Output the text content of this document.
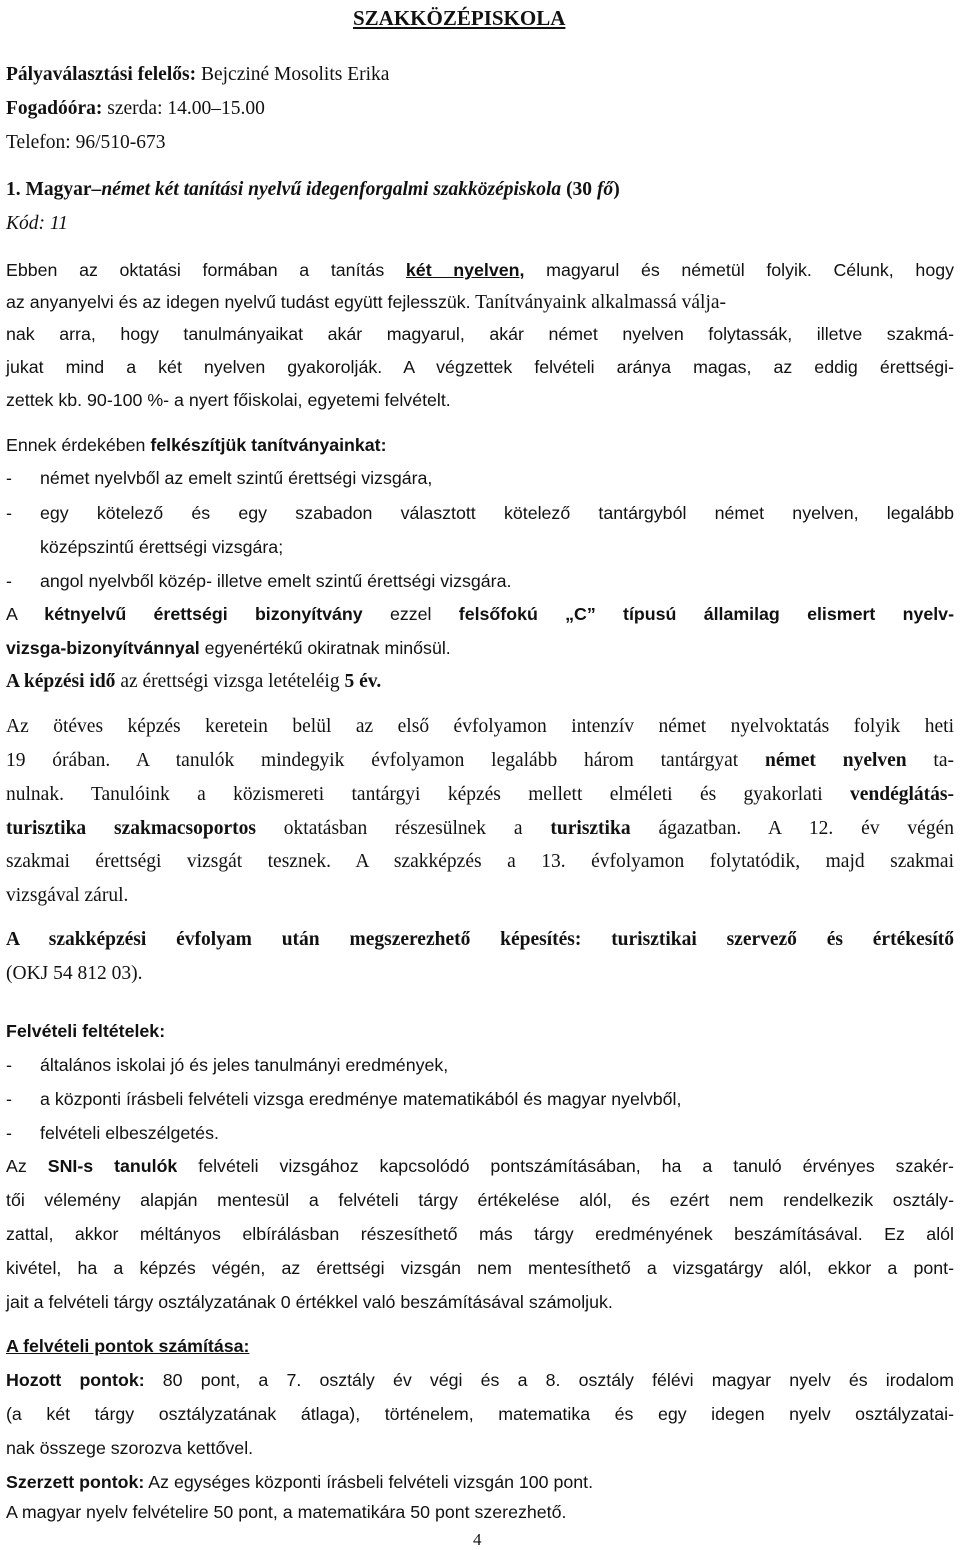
SZAKKÖZÉPISKOLA
Pályaválasztási felelős: Bejcziné Mosolits Erika
Fogadóóra: szerda: 14.00–15.00
Telefon: 96/510-673
1. Magyar–német két tanítási nyelvű idegenforgalmi szakközépiskola (30 fő)
Kód: 11
Ebben az oktatási formában a tanítás két nyelven, magyarul és németül folyik. Célunk, hogy
az anyanyelvi és az idegen nyelvű tudást együtt fejlesszük. Tanítványaink alkalmassá válja-
nak arra, hogy tanulmányaikat akár magyarul, akár német nyelven folytassák, illetve szakmá-
jukat mind a két nyelven gyakorolják. A végzettek felvételi aránya magas, az eddig érettségi-
zettek kb. 90-100 %- a nyert főiskolai, egyetemi felvételt.
Ennek érdekében felkészítjük tanítványainkat:
- német nyelvből az emelt szintű érettségi vizsgára,
- egy kötelező és egy szabadon választott kötelező tantárgyból német nyelven, legalább
középszintű érettségi vizsgára;
- angol nyelvből közép- illetve emelt szintű érettségi vizsgára.
A kétnyelvű érettségi bizonyítvány ezzel felsőfokú „C” típusú államilag elismert nyelv-
vizsga-bizonyítvánnyal egyenértékű okiratnak minősül.
A képzési idő az érettségi vizsga letételéig 5 év.
Az ötéves képzés keretein belül az első évfolyamon intenzív német nyelvoktatás folyik heti
19 órában. A tanulók mindegyik évfolyamon legalább három tantárgyat német nyelven ta-
nulnak. Tanulóink a közismereti tantárgyi képzés mellett elméleti és gyakorlati vendéglátás-
turisztika szakmacsoportos oktatásban részesülnek a turisztika ágazatban. A 12. év végén
szakmai érettségi vizsgát tesznek. A szakképzés a 13. évfolyamon folytatódik, majd szakmai
vizsgával zárul.
A szakképzési évfolyam után megszerezhető képesítés: turisztikai szervező és értékesítő
(OKJ 54 812 03).
Felvételi feltételek:
- általános iskolai jó és jeles tanulmányi eredmények,
- a központi írásbeli felvételi vizsga eredménye matematikából és magyar nyelvből,
- felvételi elbeszélgetés.
Az SNI-s tanulók felvételi vizsgához kapcsolódó pontszámításában, ha a tanuló érvényes szakér-
tői vélemény alapján mentesül a felvételi tárgy értékelése alól, és ezért nem rendelkezik osztály-
zattal, akkor méltányos elbírálásban részesíthető más tárgy eredményének beszámításával. Ez alól
kivétel, ha a képzés végén, az érettségi vizsgán nem mentesíthető a vizsgatárgy alól, ekkor a pont-
jait a felvételi tárgy osztályzatának 0 értékkel való beszámításával számoljuk.
A felvételi pontok számítása:
Hozott pontok: 80 pont, a 7. osztály év végi és a 8. osztály félévi magyar nyelv és irodalom
(a két tárgy osztályzatának átlaga), történelem, matematika és egy idegen nyelv osztályzatai-
nak összege szorozva kettővel.
Szerzett pontok: Az egységes központi írásbeli felvételi vizsgán 100 pont.
A magyar nyelv felvételire 50 pont, a matematikára 50 pont szerezhető.
4
